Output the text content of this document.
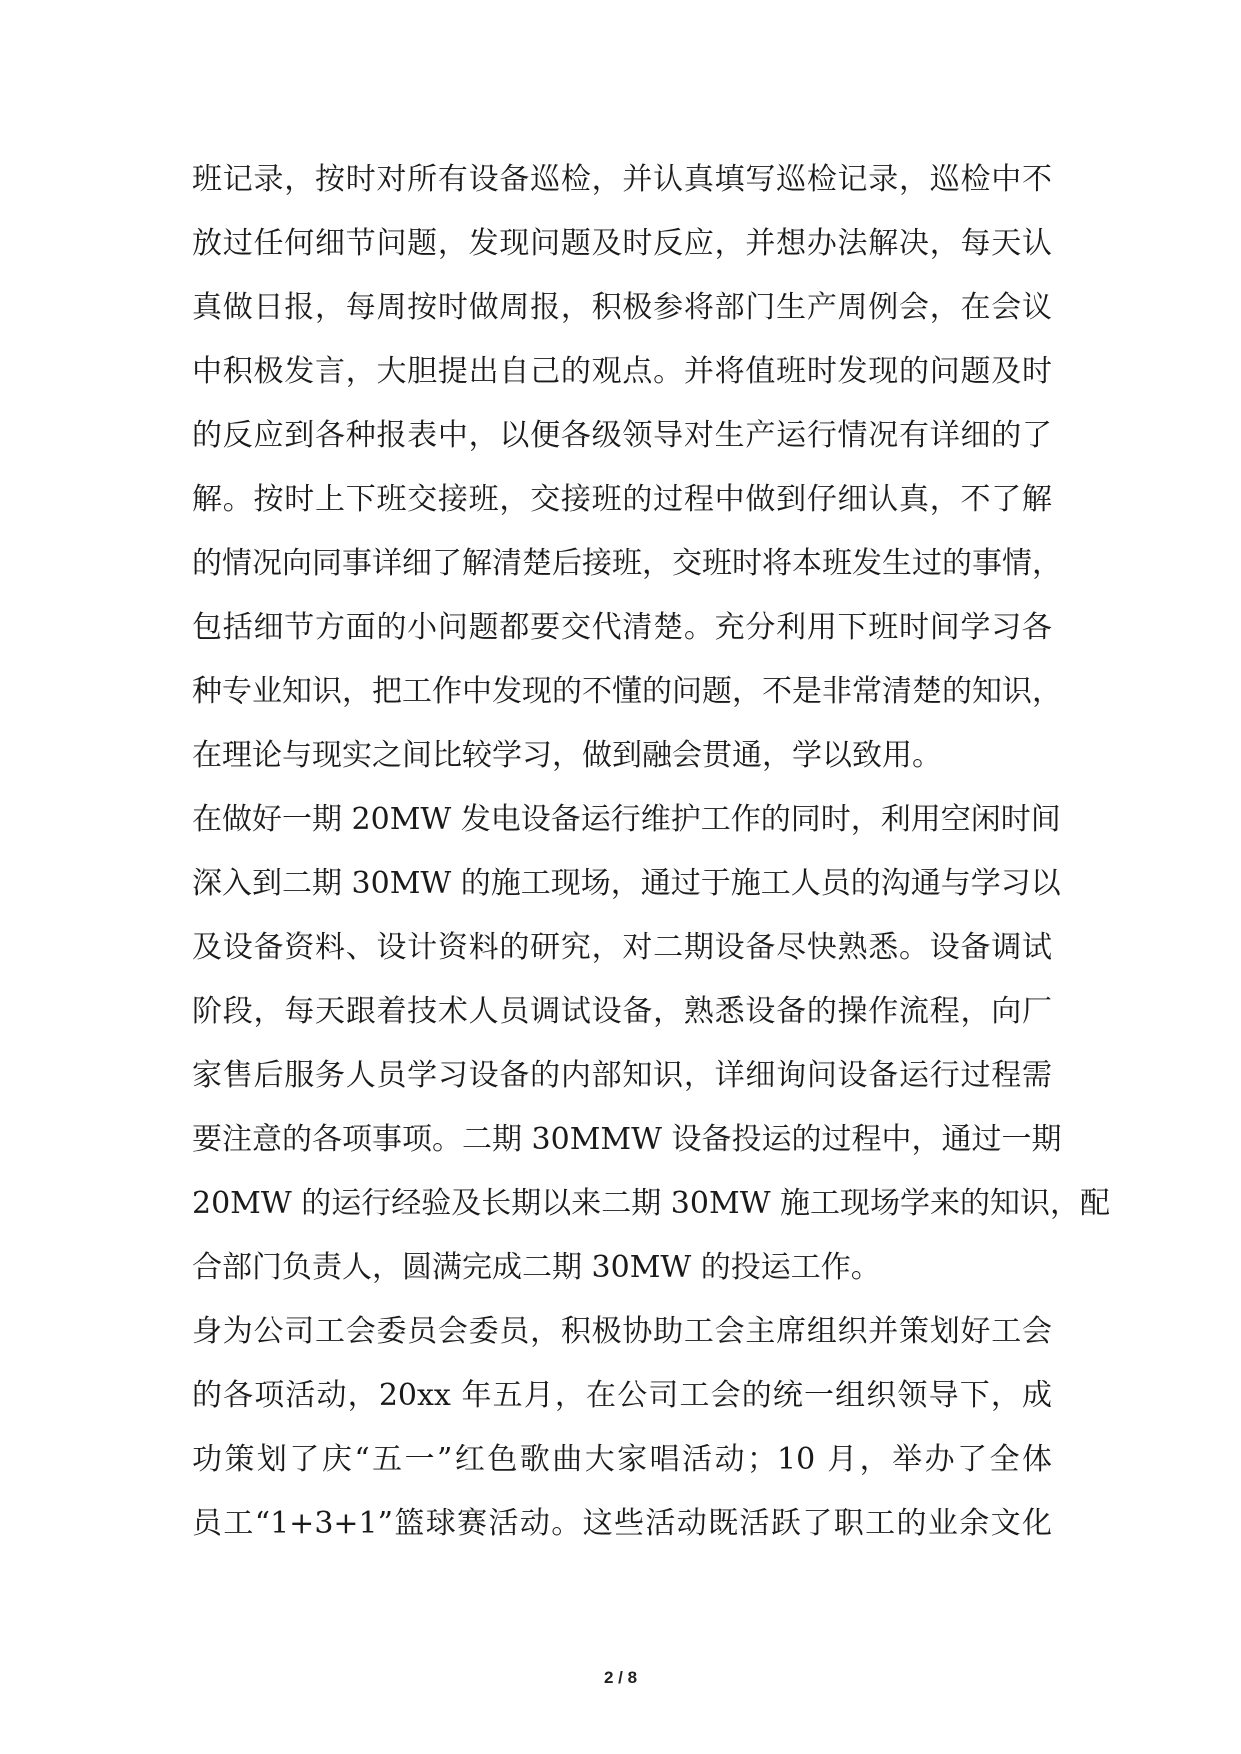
班记录，按时对所有设备巡检，并认真填写巡检记录，巡检中不
放过任何细节问题，发现问题及时反应，并想办法解决，每天认
真做日报，每周按时做周报，积极参将部门生产周例会，在会议
中积极发言，大胆提出自己的观点。并将值班时发现的问题及时
的反应到各种报表中，以便各级领导对生产运行情况有详细的了
解。按时上下班交接班，交接班的过程中做到仔细认真，不了解
的情况向同事详细了解清楚后接班，交班时将本班发生过的事情，
包括细节方面的小问题都要交代清楚。充分利用下班时间学习各
种专业知识，把工作中发现的不懂的问题，不是非常清楚的知识，
在理论与现实之间比较学习，做到融会贯通，学以致用。
在做好一期 20MW 发电设备运行维护工作的同时，利用空闲时间
深入到二期 30MW 的施工现场，通过于施工人员的沟通与学习以
及设备资料、设计资料的研究，对二期设备尽快熟悉。设备调试
阶段，每天跟着技术人员调试设备，熟悉设备的操作流程，向厂
家售后服务人员学习设备的内部知识，详细询问设备运行过程需
要注意的各项事项。二期 30MMW 设备投运的过程中，通过一期
20MW 的运行经验及长期以来二期 30MW 施工现场学来的知识，配
合部门负责人，圆满完成二期 30MW 的投运工作。
身为公司工会委员会委员，积极协助工会主席组织并策划好工会
的各项活动，20xx 年五月，在公司工会的统一组织领导下，成
功策划了庆“五一”红色歌曲大家唱活动；10 月，举办了全体
员工“1+3+1”篮球赛活动。这些活动既活跃了职工的业余文化
2 / 8
